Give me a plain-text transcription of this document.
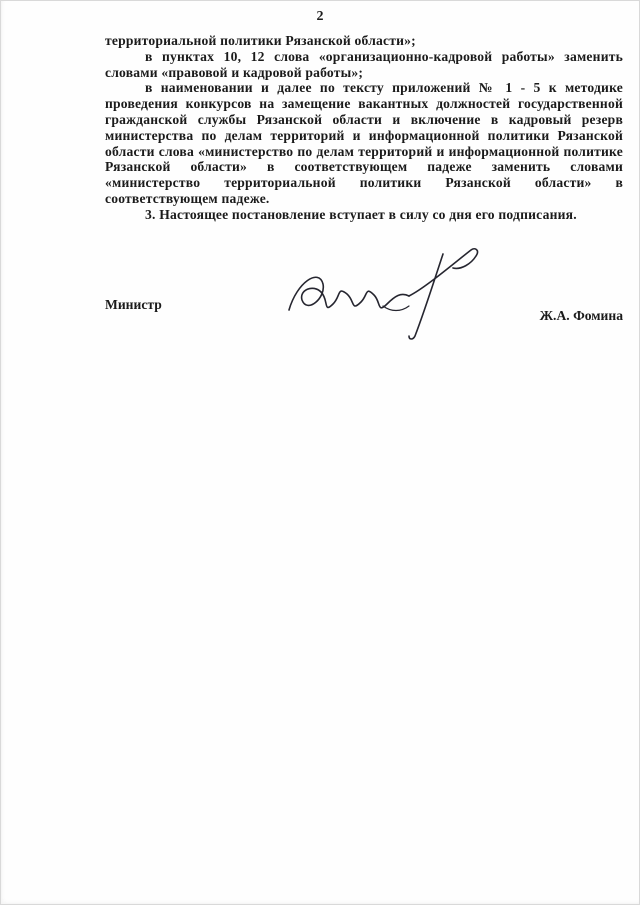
2

территориальной политики Рязанской области»;

в пунктах 10, 12 слова «организационно-кадровой работы» заменить словами «правовой и кадровой работы»;

в наименовании и далее по тексту приложений № 1 - 5 к методике проведения конкурсов на замещение вакантных должностей государственной гражданской службы Рязанской области и включение в кадровый резерв министерства по делам территорий и информационной политики Рязанской области слова «министерство по делам территорий и информационной политике Рязанской области» в соответствующем падеже заменить словами «министерство территориальной политики Рязанской области» в соответствующем падеже.

3. Настоящее постановление вступает в силу со дня его подписания.

Министр
Ж.А. Фомина
